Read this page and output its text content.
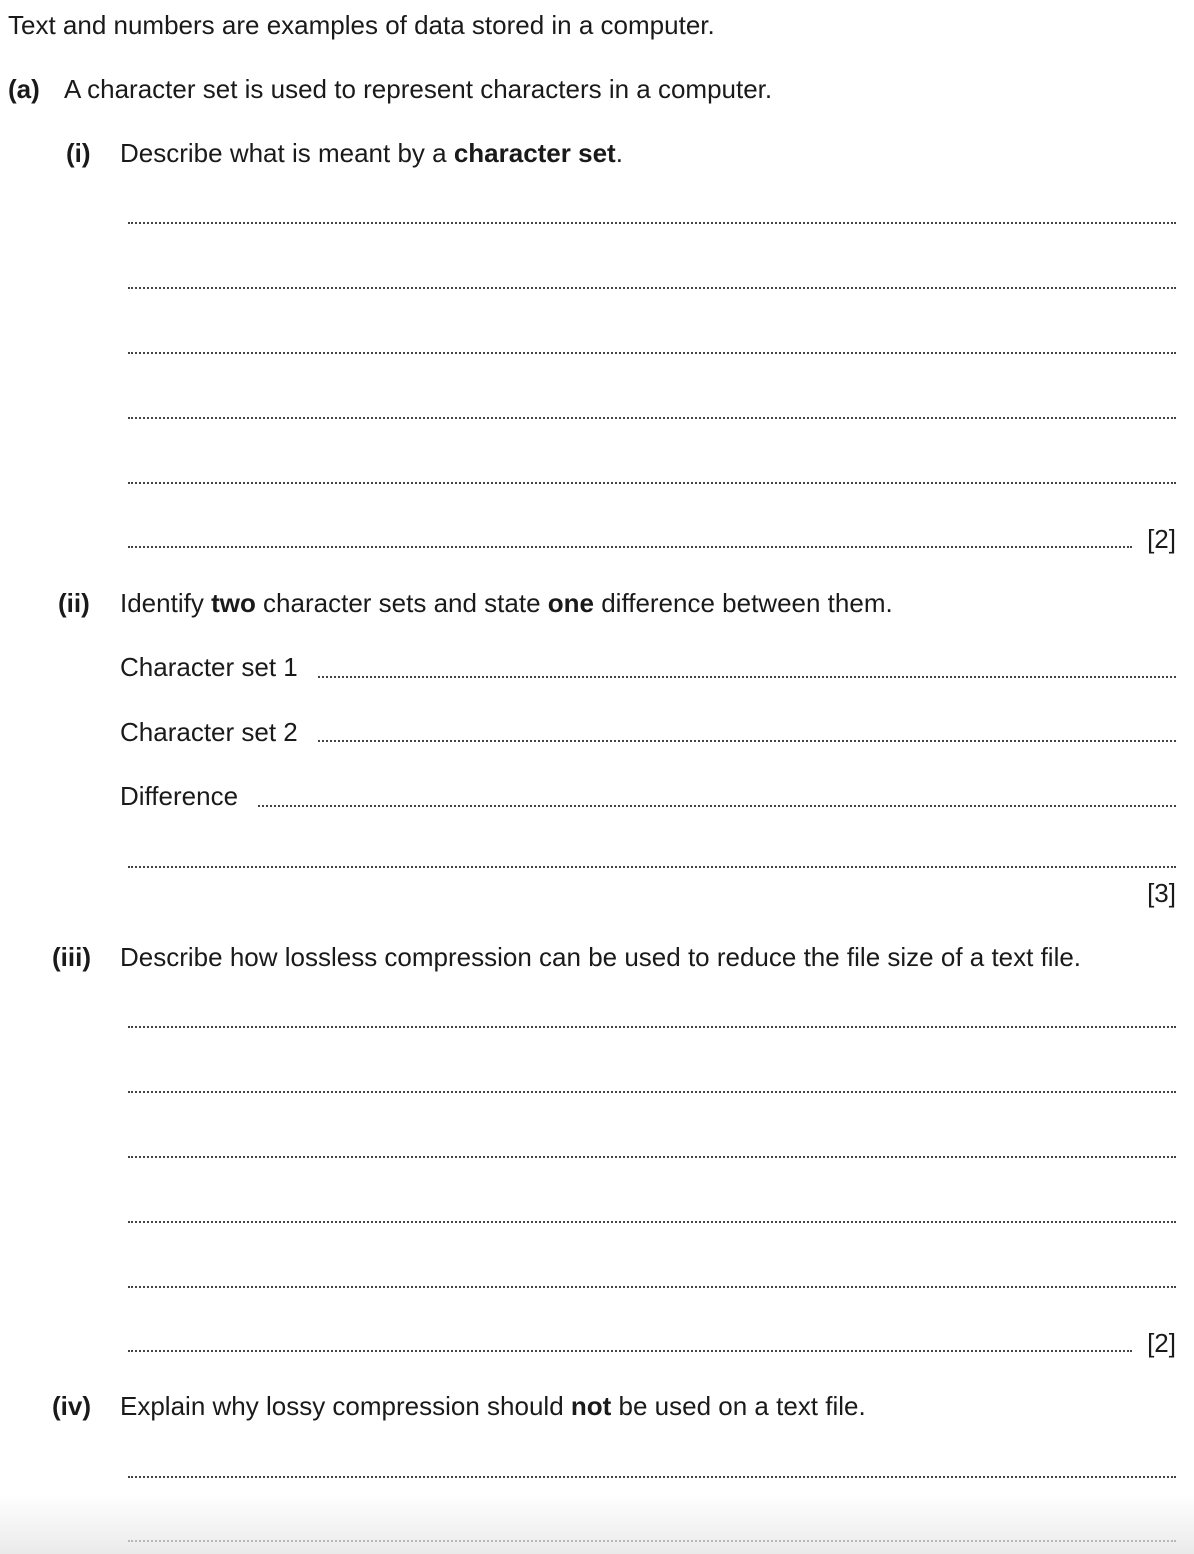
Text and numbers are examples of data stored in a computer.
(a) A character set is used to represent characters in a computer.
(i) Describe what is meant by a character set.
[2]
(ii) Identify two character sets and state one difference between them.
Character set 1
Character set 2
Difference
[3]
(iii) Describe how lossless compression can be used to reduce the file size of a text file.
[2]
(iv) Explain why lossy compression should not be used on a text file.
